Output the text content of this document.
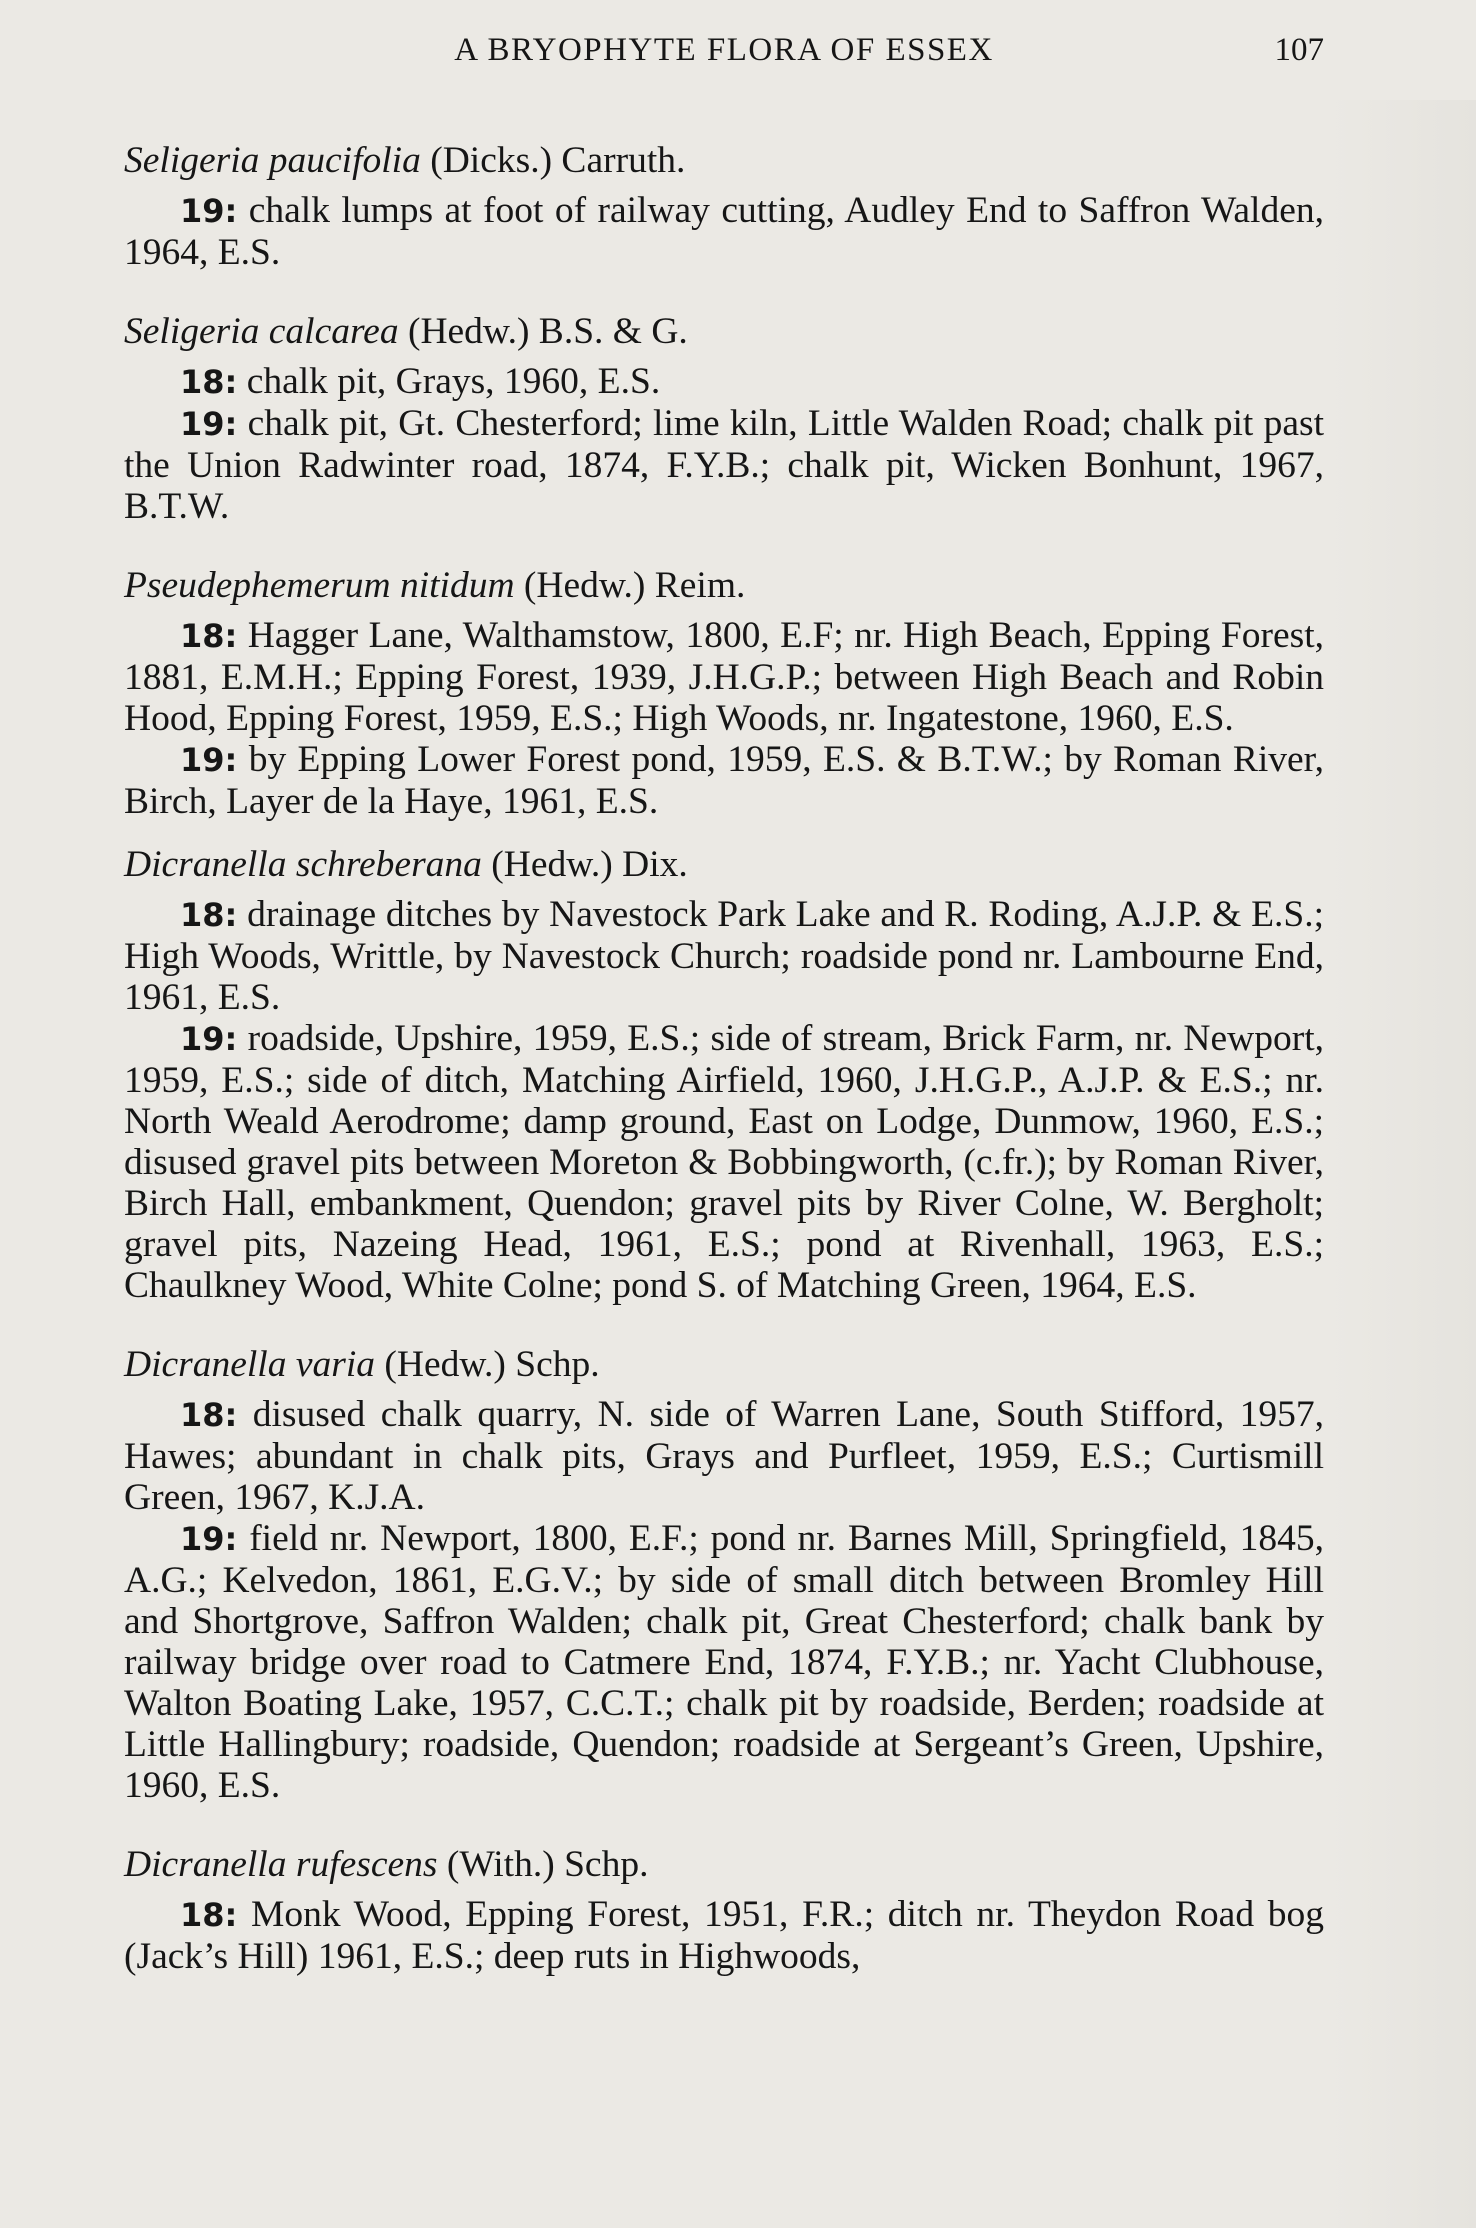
A BRYOPHYTE FLORA OF ESSEX	107

Seligeria paucifolia (Dicks.) Carruth.

19: chalk lumps at foot of railway cutting, Audley End to Saffron Walden, 1964, E.S.

Seligeria calcarea (Hedw.) B.S. & G.

18: chalk pit, Grays, 1960, E.S.

19: chalk pit, Gt. Chesterford; lime kiln, Little Walden Road; chalk pit past the Union Radwinter road, 1874, F.Y.B.; chalk pit, Wicken Bonhunt, 1967, B.T.W.

Pseudephemerum nitidum (Hedw.) Reim.

18: Hagger Lane, Walthamstow, 1800, E.F; nr. High Beach, Epping Forest, 1881, E.M.H.; Epping Forest, 1939, J.H.G.P.; between High Beach and Robin Hood, Epping Forest, 1959, E.S.; High Woods, nr. Ingatestone, 1960, E.S.

19: by Epping Lower Forest pond, 1959, E.S. & B.T.W.; by Roman River, Birch, Layer de la Haye, 1961, E.S.

Dicranella schreberana (Hedw.) Dix.

18: drainage ditches by Navestock Park Lake and R. Roding, A.J.P. & E.S.; High Woods, Writtle, by Navestock Church; roadside pond nr. Lambourne End, 1961, E.S.

19: roadside, Upshire, 1959, E.S.; side of stream, Brick Farm, nr. Newport, 1959, E.S.; side of ditch, Matching Airfield, 1960, J.H.G.P., A.J.P. & E.S.; nr. North Weald Aerodrome; damp ground, East on Lodge, Dunmow, 1960, E.S.; disused gravel pits between Moreton & Bobbingworth, (c.fr.); by Roman River, Birch Hall, embankment, Quendon; gravel pits by River Colne, W. Bergholt; gravel pits, Nazeing Head, 1961, E.S.; pond at Rivenhall, 1963, E.S.; Chaulkney Wood, White Colne; pond S. of Matching Green, 1964, E.S.

Dicranella varia (Hedw.) Schp.

18: disused chalk quarry, N. side of Warren Lane, South Stifford, 1957, Hawes; abundant in chalk pits, Grays and Purfleet, 1959, E.S.; Curtismill Green, 1967, K.J.A.

19: field nr. Newport, 1800, E.F.; pond nr. Barnes Mill, Springfield, 1845, A.G.; Kelvedon, 1861, E.G.V.; by side of small ditch between Bromley Hill and Shortgrove, Saffron Walden; chalk pit, Great Chesterford; chalk bank by railway bridge over road to Catmere End, 1874, F.Y.B.; nr. Yacht Clubhouse, Walton Boating Lake, 1957, C.C.T.; chalk pit by roadside, Berden; roadside at Little Hallingbury; roadside, Quendon; roadside at Sergeant’s Green, Upshire, 1960, E.S.

Dicranella rufescens (With.) Schp.

18: Monk Wood, Epping Forest, 1951, F.R.; ditch nr. Theydon Road bog (Jack’s Hill) 1961, E.S.; deep ruts in Highwoods,
